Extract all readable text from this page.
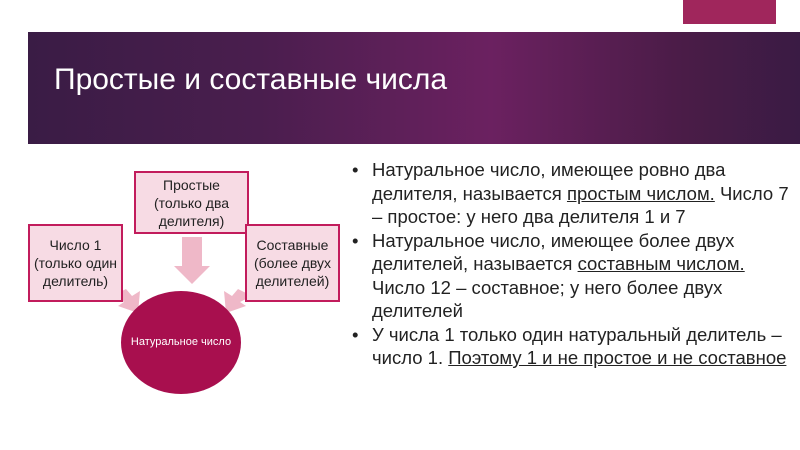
Простые и составные числа
Число 1 (только один делитель)
Простые (только два делителя)
Составные (более двух делителей)
Натуральное число
• Натуральное число, имеющее ровно два делителя, называется простым числом. Число 7 – простое: у него два делителя 1 и 7
• Натуральное число, имеющее более двух делителей, называется составным числом. Число 12 – составное; у него более двух делителей
• У числа 1 только один натуральный делитель – число 1. Поэтому 1 и не простое и не составное
